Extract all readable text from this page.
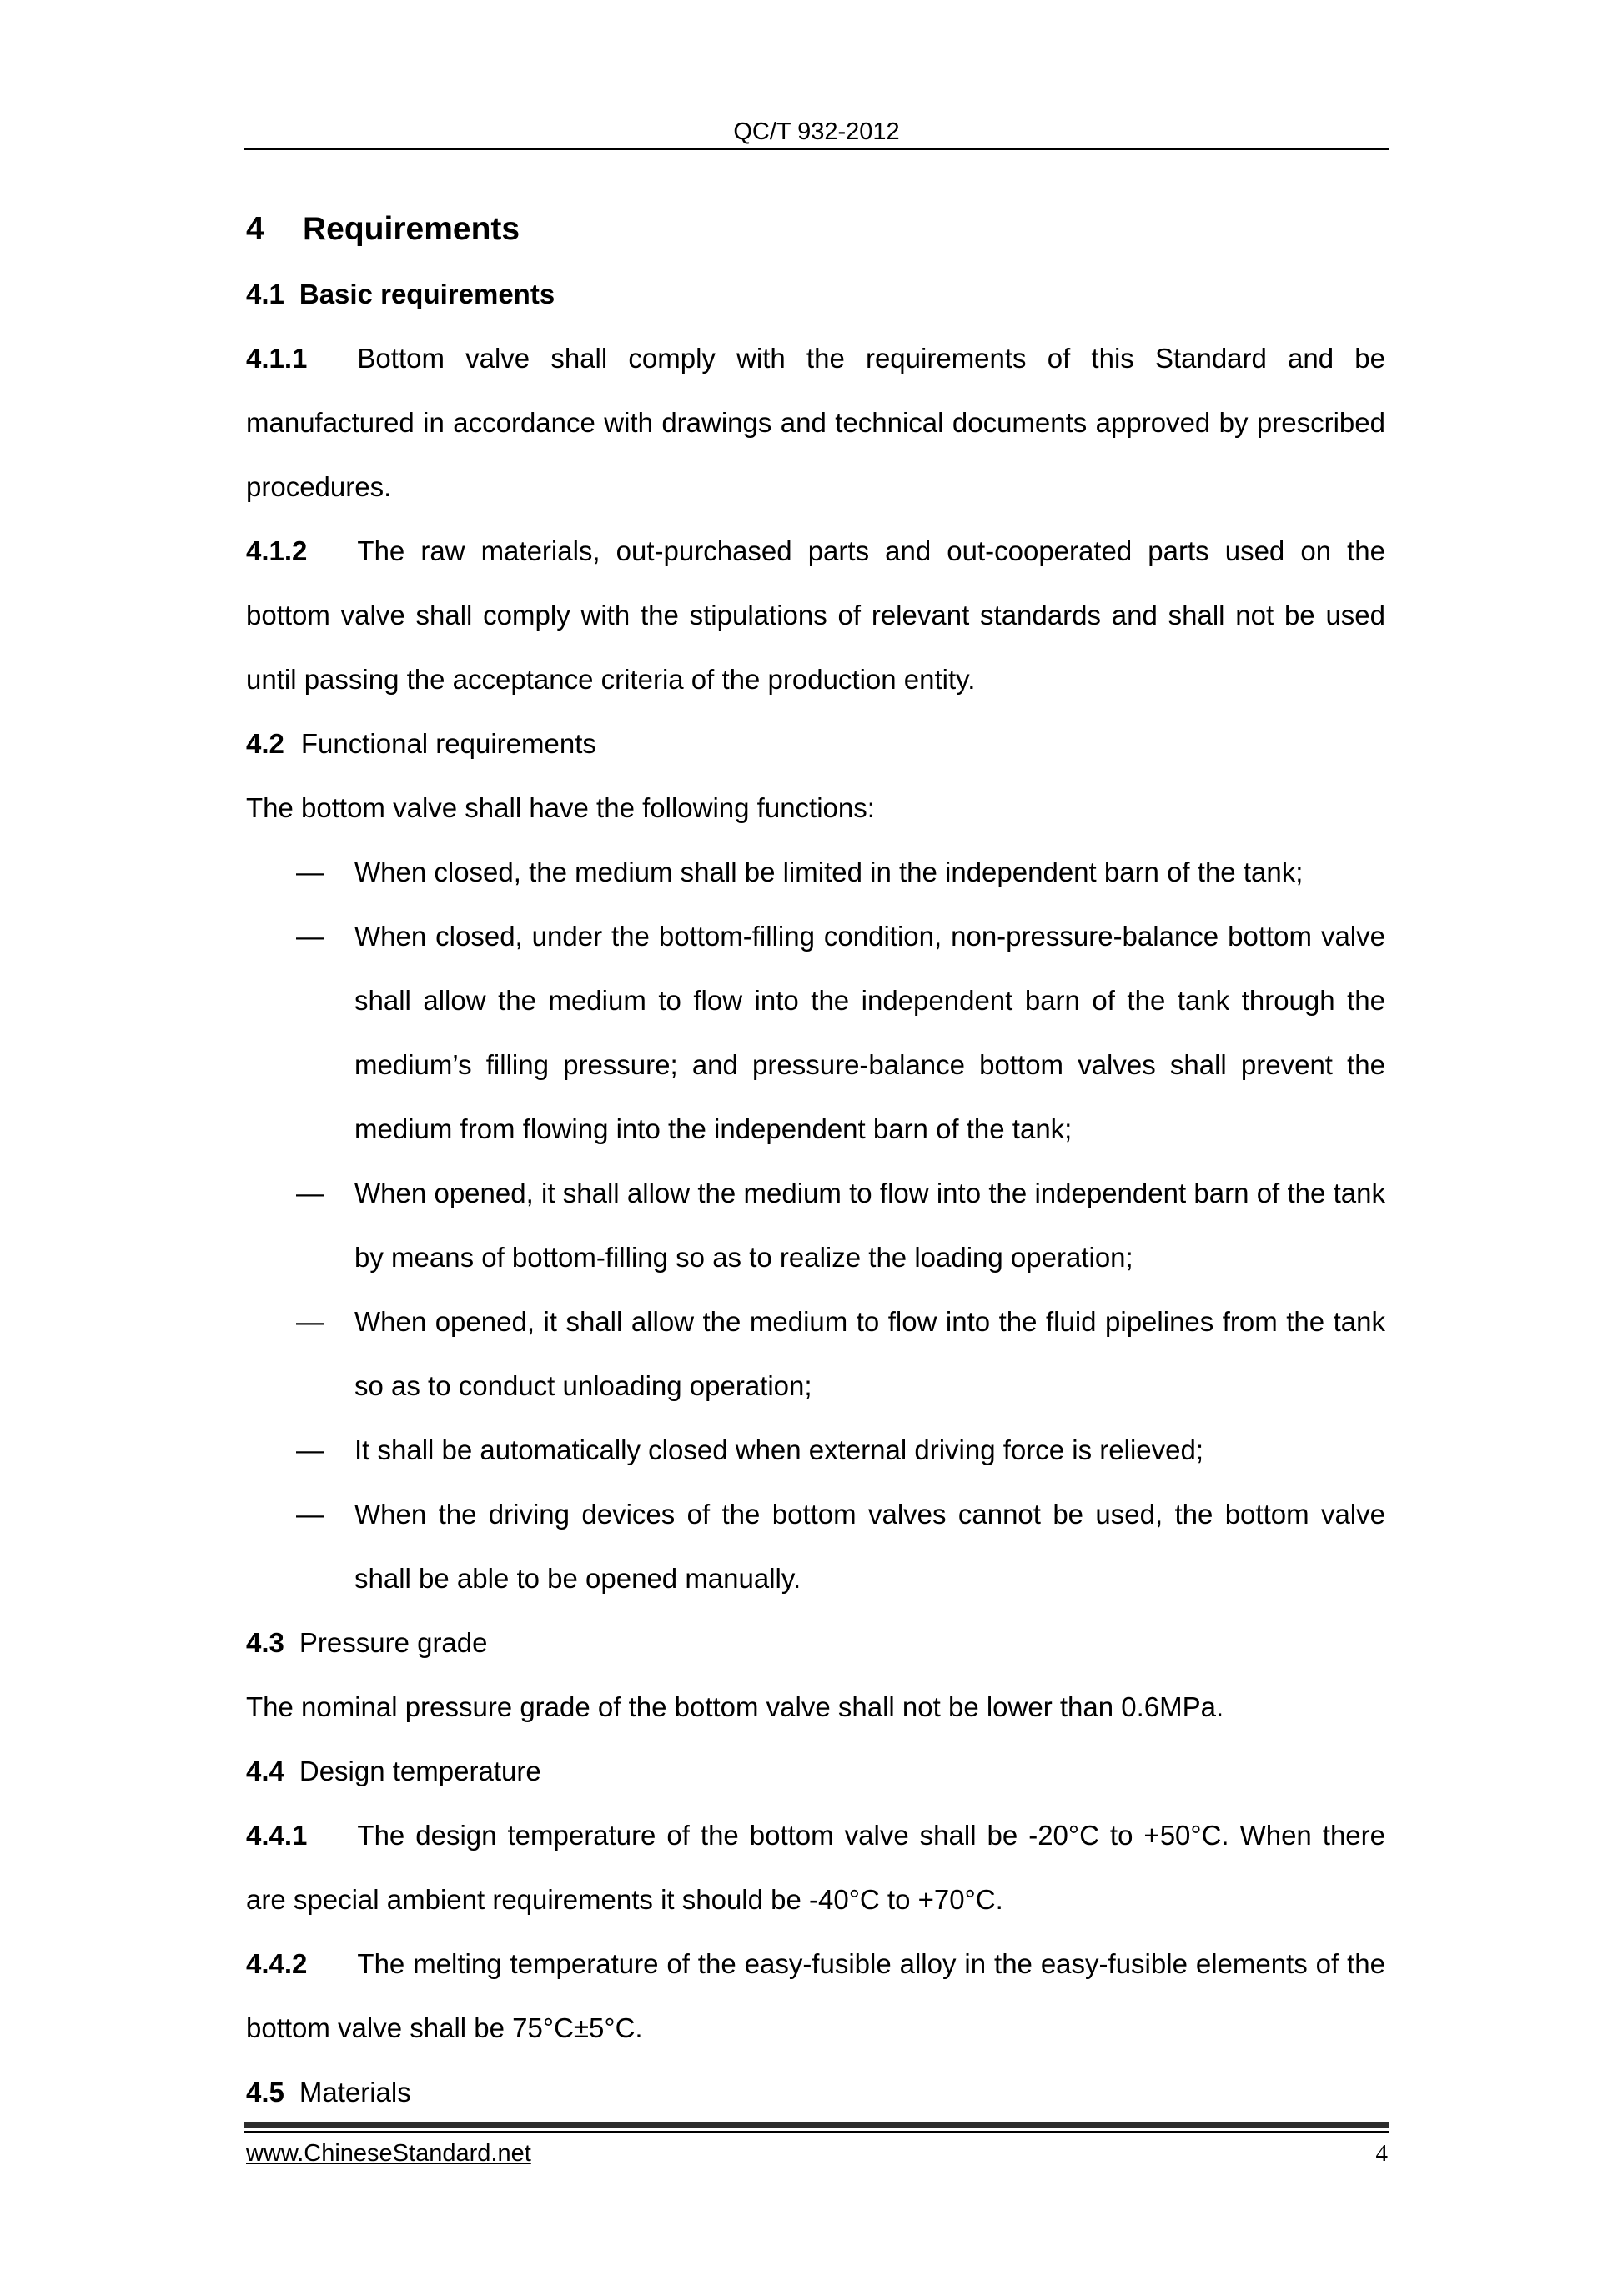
QC/T 932-2012

4 Requirements

4.1 Basic requirements

4.1.1 Bottom valve shall comply with the requirements of this Standard and be manufactured in accordance with drawings and technical documents approved by prescribed procedures.

4.1.2 The raw materials, out-purchased parts and out-cooperated parts used on the bottom valve shall comply with the stipulations of relevant standards and shall not be used until passing the acceptance criteria of the production entity.

4.2 Functional requirements

The bottom valve shall have the following functions:

— When closed, the medium shall be limited in the independent barn of the tank;
— When closed, under the bottom-filling condition, non-pressure-balance bottom valve shall allow the medium to flow into the independent barn of the tank through the medium’s filling pressure; and pressure-balance bottom valves shall prevent the medium from flowing into the independent barn of the tank;
— When opened, it shall allow the medium to flow into the independent barn of the tank by means of bottom-filling so as to realize the loading operation;
— When opened, it shall allow the medium to flow into the fluid pipelines from the tank so as to conduct unloading operation;
— It shall be automatically closed when external driving force is relieved;
— When the driving devices of the bottom valves cannot be used, the bottom valve shall be able to be opened manually.

4.3 Pressure grade

The nominal pressure grade of the bottom valve shall not be lower than 0.6MPa.

4.4 Design temperature

4.4.1 The design temperature of the bottom valve shall be -20°C to +50°C. When there are special ambient requirements it should be -40°C to +70°C.

4.4.2 The melting temperature of the easy-fusible alloy in the easy-fusible elements of the bottom valve shall be 75°C±5°C.

4.5 Materials

www.ChineseStandard.net	4
